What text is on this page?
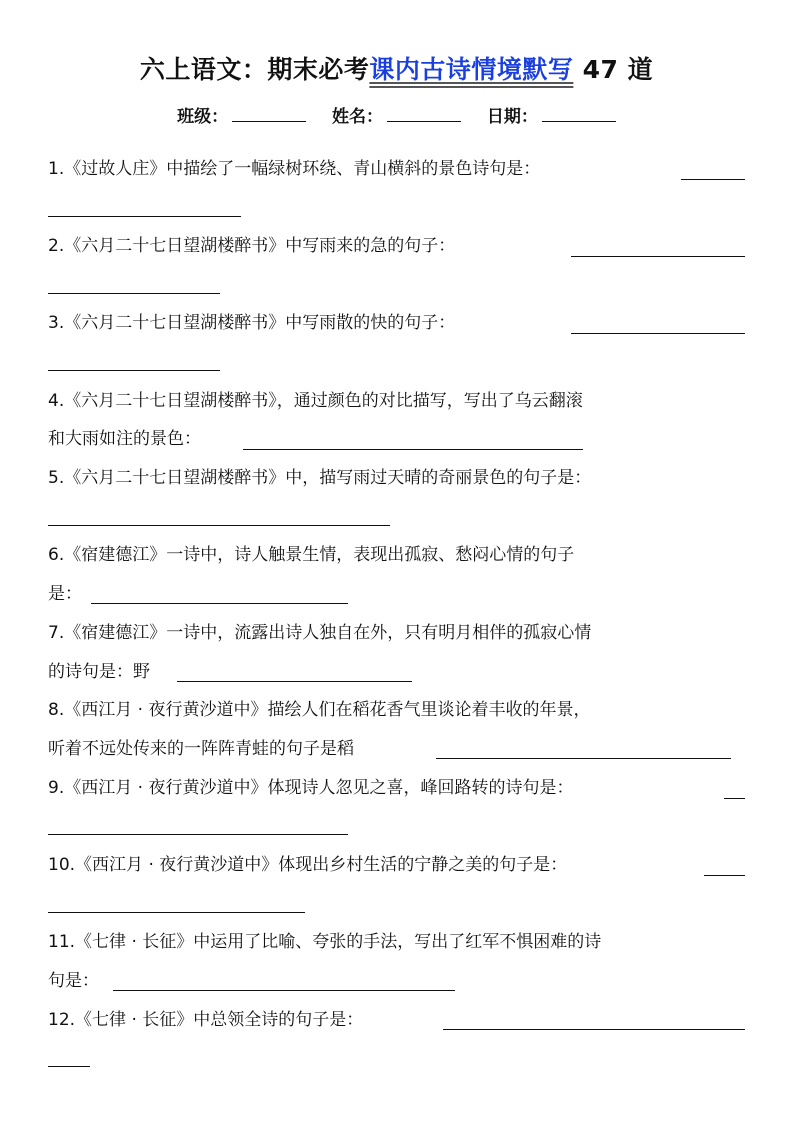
六上语文：期末必考课内古诗情境默写 47 道
班级：	姓名：	日期：
1.《过故人庄》中描绘了一幅绿树环绕、青山横斜的景色诗句是：
2.《六月二十七日望湖楼醉书》中写雨来的急的句子：
3.《六月二十七日望湖楼醉书》中写雨散的快的句子：
4.《六月二十七日望湖楼醉书》，通过颜色的对比描写，写出了乌云翻滚
和大雨如注的景色：
5.《六月二十七日望湖楼醉书》中，描写雨过天晴的奇丽景色的句子是：
6.《宿建德江》一诗中，诗人触景生情，表现出孤寂、愁闷心情的句子
是：
7.《宿建德江》一诗中，流露出诗人独自在外，只有明月相伴的孤寂心情
的诗句是：野
8.《西江月 · 夜行黄沙道中》描绘人们在稻花香气里谈论着丰收的年景，
听着不远处传来的一阵阵青蛙的句子是稻
9.《西江月 · 夜行黄沙道中》体现诗人忽见之喜，峰回路转的诗句是：
10.《西江月 · 夜行黄沙道中》体现出乡村生活的宁静之美的句子是：
11.《七律 · 长征》中运用了比喻、夸张的手法，写出了红军不惧困难的诗
句是：
12.《七律 · 长征》中总领全诗的句子是：
